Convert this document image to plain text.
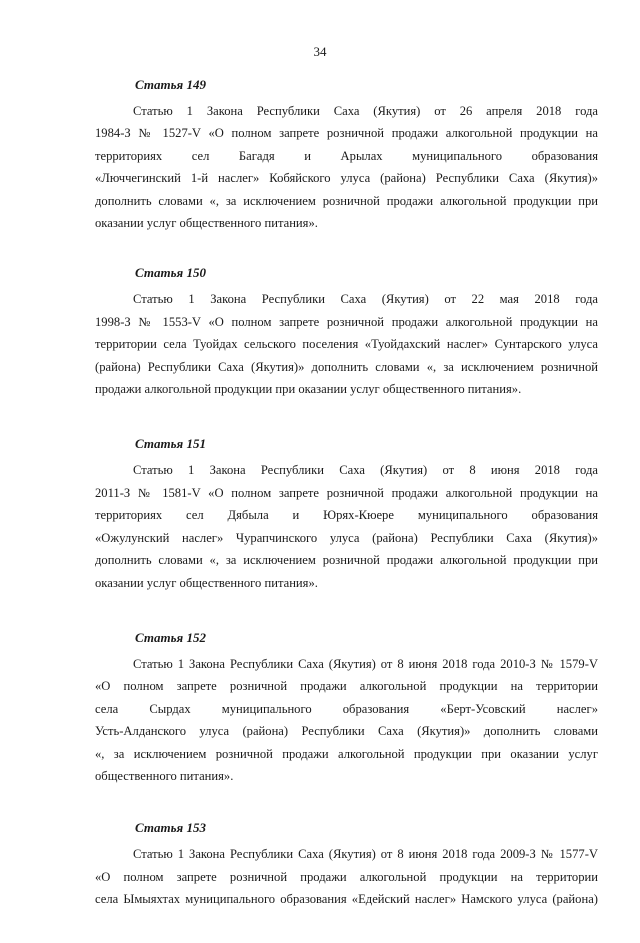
34
Статья 149

Статью 1 Закона Республики Саха (Якутия) от 26 апреля 2018 года
1984-З № 1527-V «О полном запрете розничной продажи алкогольной продукции на
территориях сел Багадя и Арылах муниципального образования
«Люччегинский 1-й наслег» Кобяйского улуса (района) Республики Саха (Якутия)»
дополнить словами «, за исключением розничной продажи алкогольной продукции при
оказании услуг общественного питания».

Статья 150

Статью 1 Закона Республики Саха (Якутия) от 22 мая 2018 года
1998-З № 1553-V «О полном запрете розничной продажи алкогольной продукции на
территории села Туойдах сельского поселения «Туойдахский наслег» Сунтарского улуса
(района) Республики Саха (Якутия)» дополнить словами «, за исключением розничной
продажи алкогольной продукции при оказании услуг общественного питания».

Статья 151

Статью 1 Закона Республики Саха (Якутия) от 8 июня 2018 года
2011-З № 1581-V «О полном запрете розничной продажи алкогольной продукции на
территориях сел Дябыла и Юрях-Кюере муниципального образования
«Ожулунский наслег» Чурапчинского улуса (района) Республики Саха (Якутия)»
дополнить словами «, за исключением розничной продажи алкогольной продукции при
оказании услуг общественного питания».

Статья 152

Статью 1 Закона Республики Саха (Якутия) от 8 июня 2018 года 2010-З № 1579-V
«О полном запрете розничной продажи алкогольной продукции на территории
села Сырдах муниципального образования «Берт-Усовский наслег»
Усть-Алданского улуса (района) Республики Саха (Якутия)» дополнить словами
«, за исключением розничной продажи алкогольной продукции при оказании услуг
общественного питания».

Статья 153

Статью 1 Закона Республики Саха (Якутия) от 8 июня 2018 года 2009-З № 1577-V
«О полном запрете розничной продажи алкогольной продукции на территории
села Ымыяхтах муниципального образования «Едейский наслег» Намского улуса (района)
